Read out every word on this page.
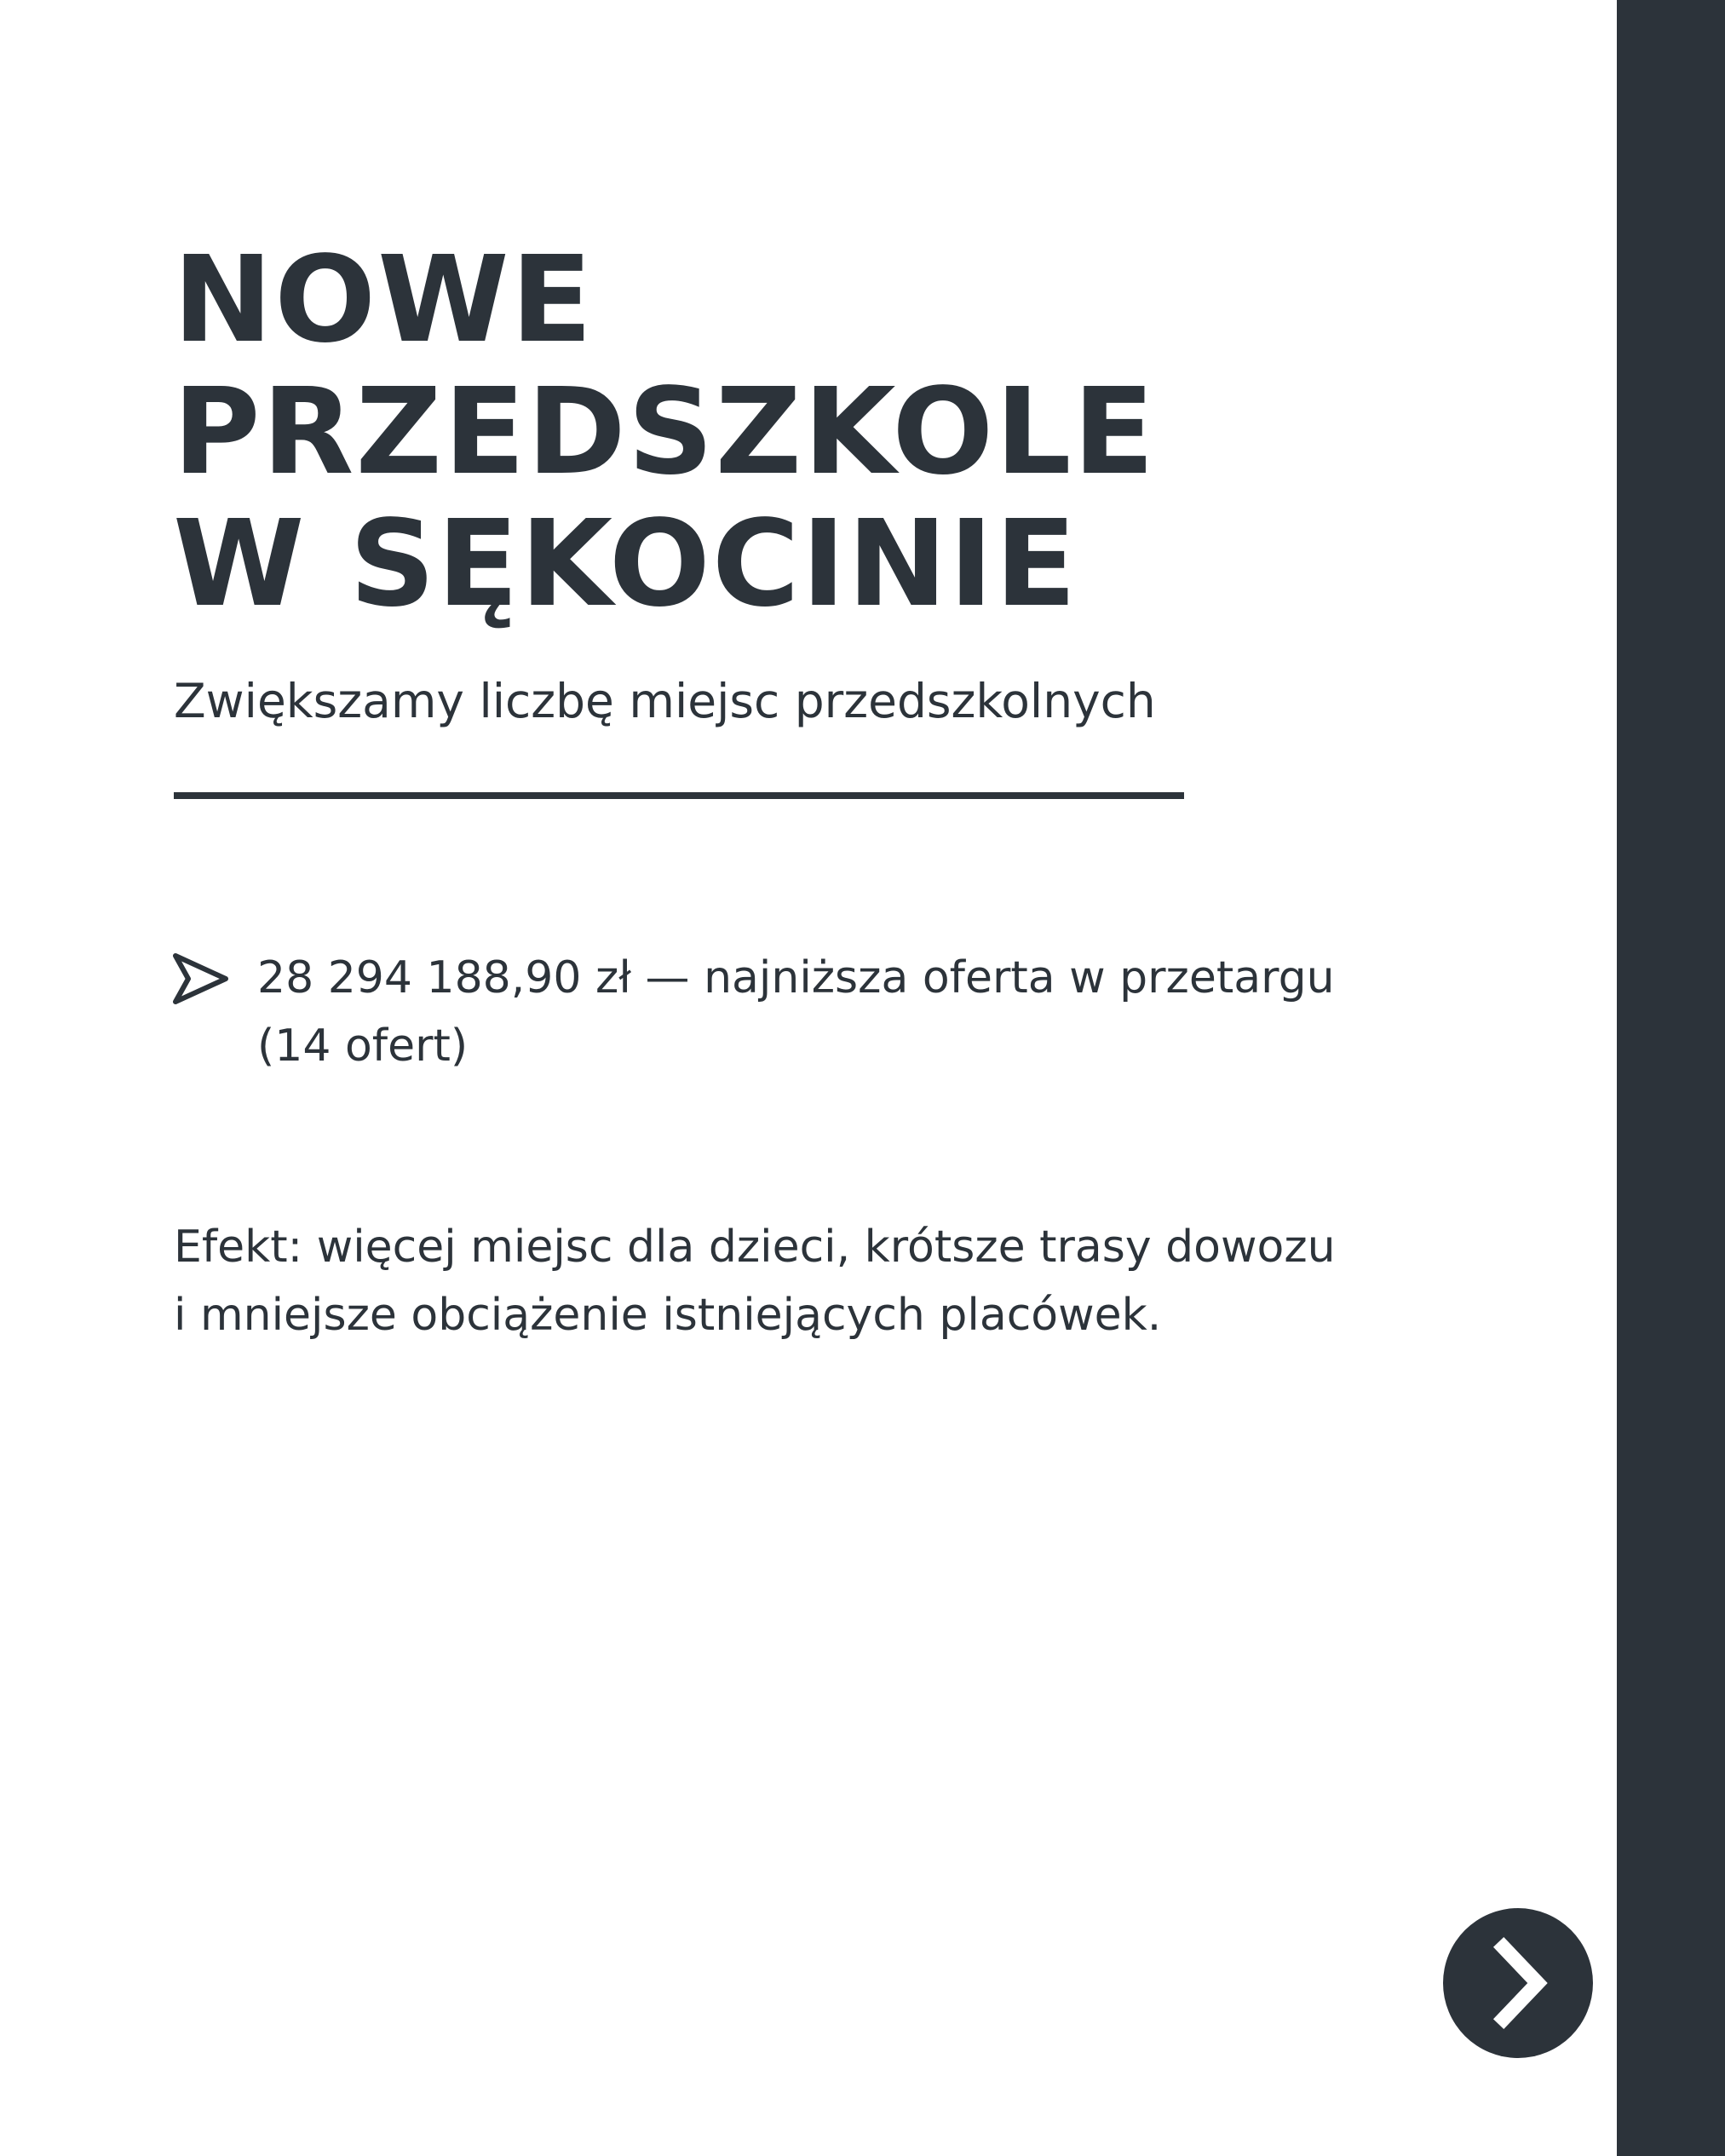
NOWE
PRZEDSZKOLE
W SĘKOCINIE

Zwiększamy liczbę miejsc przedszkolnych

28 294 188,90 zł — najniższa oferta w przetargu
(14 ofert)

Efekt: więcej miejsc dla dzieci, krótsze trasy dowozu
i mniejsze obciążenie istniejących placówek.
